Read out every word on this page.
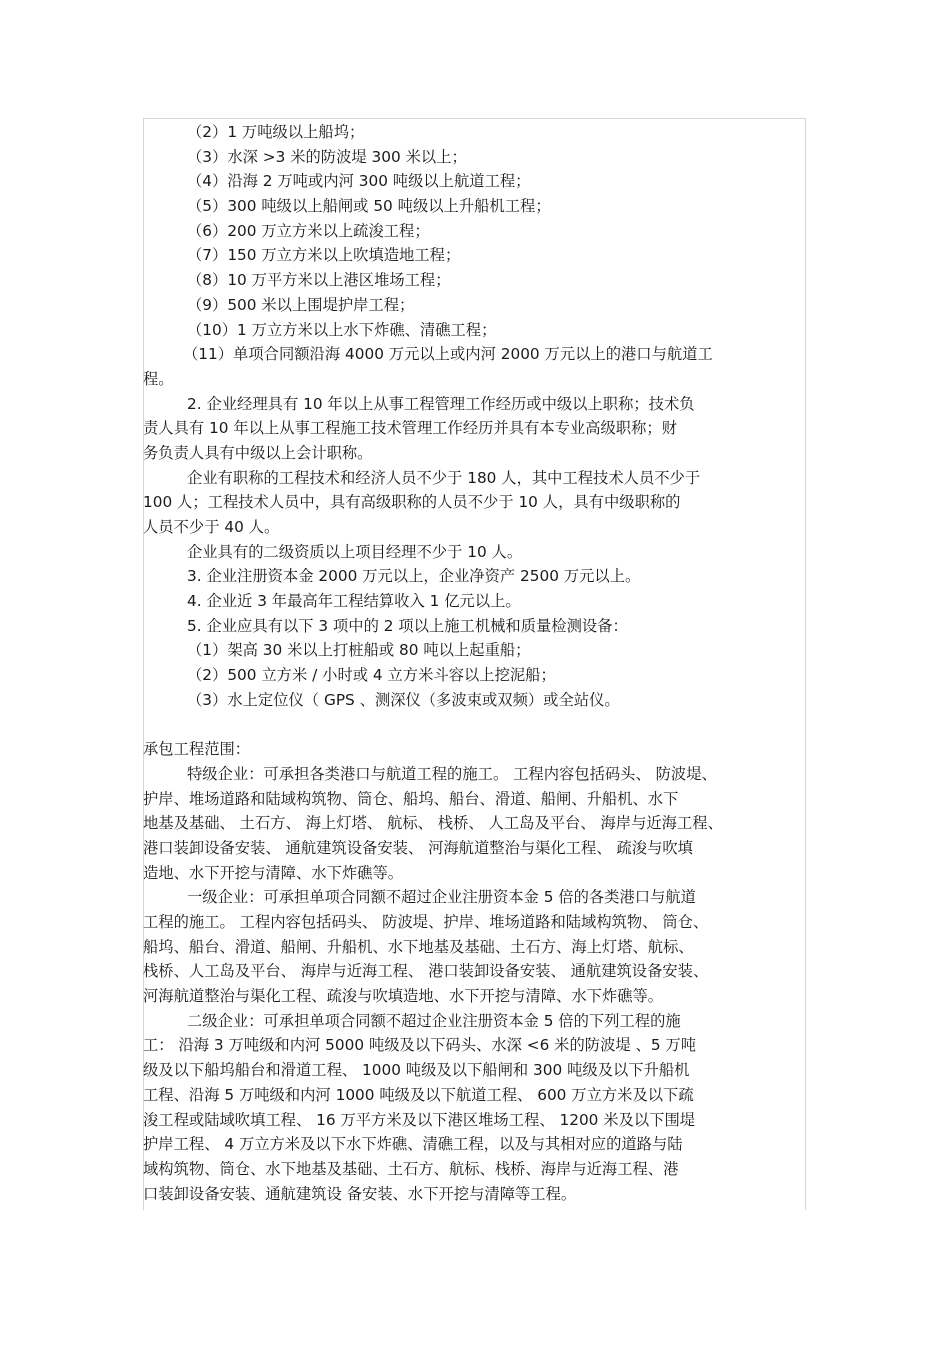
（2）1 万吨级以上船坞；
（3）水深 >3 米的防波堤 300 米以上；
（4）沿海 2 万吨或内河 300 吨级以上航道工程；
（5）300 吨级以上船闸或 50 吨级以上升船机工程；
（6）200 万立方米以上疏浚工程；
（7）150 万立方米以上吹填造地工程；
（8）10 万平方米以上港区堆场工程；
（9）500 米以上围堤护岸工程；
（10）1 万立方米以上水下炸礁、清礁工程；
（11）单项合同额沿海 4000 万元以上或内河 2000 万元以上的港口与航道工
程。
2. 企业经理具有 10 年以上从事工程管理工作经历或中级以上职称；技术负
责人具有 10 年以上从事工程施工技术管理工作经历并具有本专业高级职称；财
务负责人具有中级以上会计职称。
企业有职称的工程技术和经济人员不少于 180 人，其中工程技术人员不少于
100 人；工程技术人员中，具有高级职称的人员不少于 10 人，具有中级职称的
人员不少于 40 人。
企业具有的二级资质以上项目经理不少于 10 人。
3. 企业注册资本金 2000 万元以上，企业净资产 2500 万元以上。
4. 企业近 3 年最高年工程结算收入 1 亿元以上。
5. 企业应具有以下 3 项中的 2 项以上施工机械和质量检测设备：
（1）架高 30 米以上打桩船或 80 吨以上起重船；
（2）500 立方米 / 小时或 4 立方米斗容以上挖泥船；
（3）水上定位仪（ GPS 、测深仪（多波束或双频）或全站仪。
承包工程范围：
特级企业：可承担各类港口与航道工程的施工。 工程内容包括码头、 防波堤、
护岸、堆场道路和陆域构筑物、筒仓、船坞、船台、滑道、船闸、升船机、水下
地基及基础、 土石方、 海上灯塔、 航标、 栈桥、 人工岛及平台、 海岸与近海工程、
港口装卸设备安装、 通航建筑设备安装、 河海航道整治与渠化工程、 疏浚与吹填
造地、水下开挖与清障、水下炸礁等。
一级企业：可承担单项合同额不超过企业注册资本金 5 倍的各类港口与航道
工程的施工。 工程内容包括码头、 防波堤、护岸、堆场道路和陆域构筑物、 筒仓、
船坞、船台、滑道、船闸、升船机、水下地基及基础、土石方、海上灯塔、航标、
栈桥、人工岛及平台、 海岸与近海工程、 港口装卸设备安装、 通航建筑设备安装、
河海航道整治与渠化工程、疏浚与吹填造地、水下开挖与清障、水下炸礁等。
二级企业：可承担单项合同额不超过企业注册资本金 5 倍的下列工程的施
工： 沿海 3 万吨级和内河 5000 吨级及以下码头、水深 <6 米的防波堤 、5 万吨
级及以下船坞船台和滑道工程、 1000 吨级及以下船闸和 300 吨级及以下升船机
工程、沿海 5 万吨级和内河 1000 吨级及以下航道工程、 600 万立方米及以下疏
浚工程或陆域吹填工程、 16 万平方米及以下港区堆场工程、 1200 米及以下围堤
护岸工程、 4 万立方米及以下水下炸礁、清礁工程，以及与其相对应的道路与陆
域构筑物、筒仓、水下地基及基础、土石方、航标、栈桥、海岸与近海工程、港
口装卸设备安装、通航建筑设 备安装、水下开挖与清障等工程。
